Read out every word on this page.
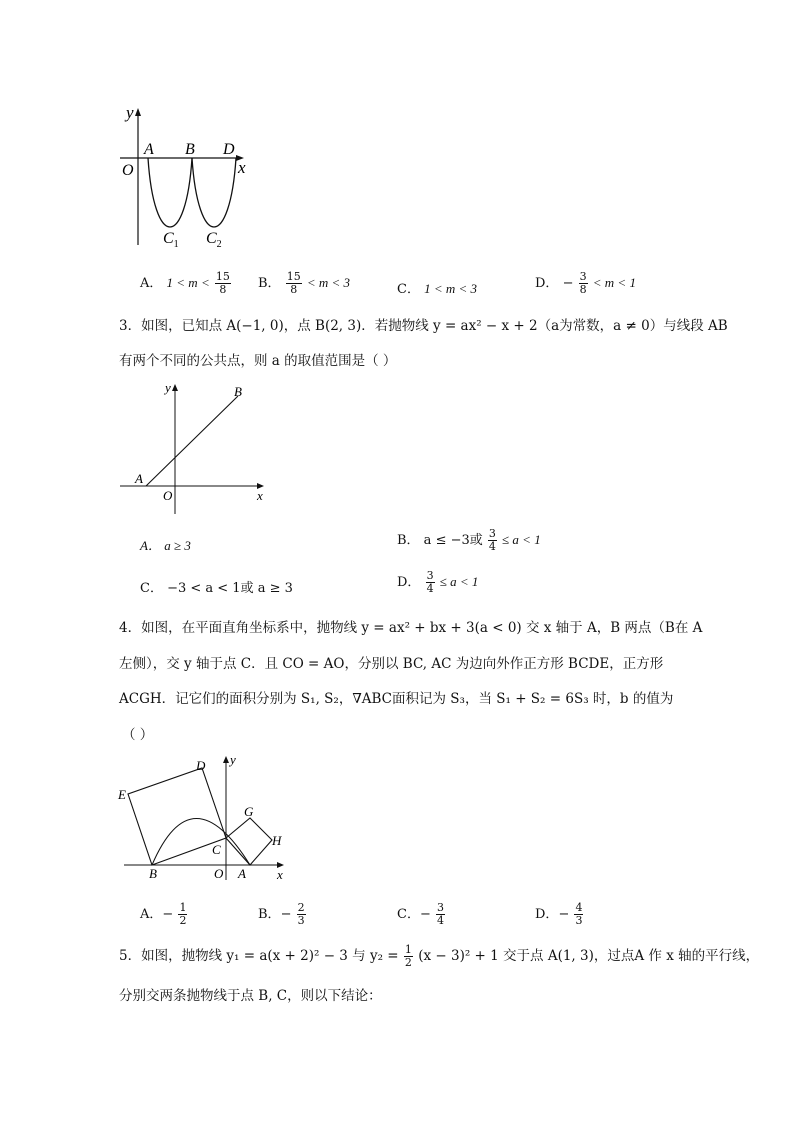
y
x
O
A B D
$C_1$ $C_2$
A． $1 < m < \frac{15}{8}$ B． $\frac{15}{8} < m < 3$	C． 1 < m < 3	D． − $\frac{3}{8} < m < 1$
3．如图，已知点 A(−1, 0)，点 B(2, 3)．若抛物线 y = ax² − x + 2（a为常数，a ≠ 0）与线段 AB
有两个不同的公共点，则 a 的取值范围是（ ）
y
x
O
A
B
A． a ≥ 3	B． a ≤ −3或 $\frac{3}{4} \le a < 1$
C． −3 < a < 1或 a ≥ 3	D． $\frac{3}{4} \le a < 1$
4．如图，在平面直角坐标系中，抛物线 y = ax² + bx + 3(a < 0) 交 x 轴于 A，B 两点（B在 A
左侧），交 y 轴于点 C．且 CO = AO，分别以 BC, AC 为边向外作正方形 BCDE，正方形
ACGH．记它们的面积分别为 S₁, S₂，∇ABC面积记为 S₃，当 S₁ + S₂ = 6S₃ 时，b 的值为
（ ）
y
x
O A
B
C
D
E
G
H
A．− $\frac{1}{2}$	B．− $\frac{2}{3}$	C．− $\frac{3}{4}$	D．− $\frac{4}{3}$
5．如图，抛物线 y₁ = a(x + 2)² − 3 与 $y_2 = \frac{1}{2} (x - 3)^2 + 1$ 交于点 A(1, 3)，过点A 作 x 轴的平行线，
分别交两条抛物线于点 B, C，则以下结论：
